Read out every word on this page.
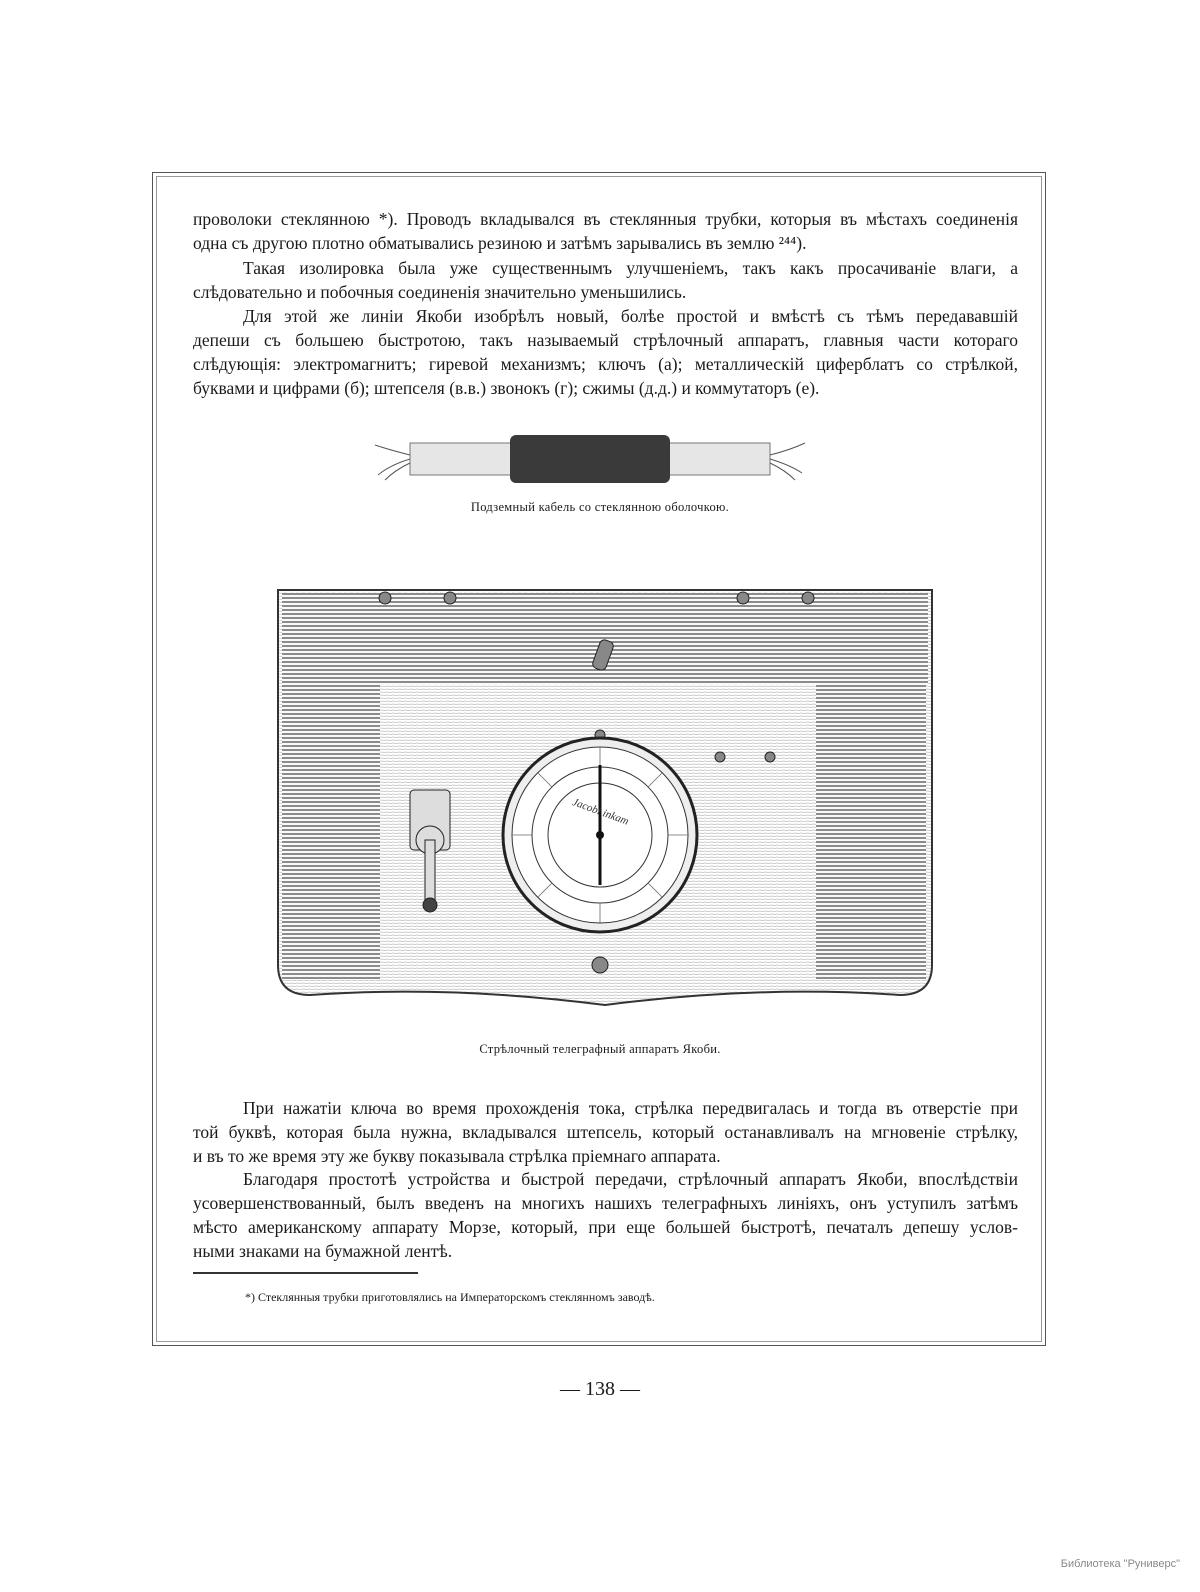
проволоки стеклянною *). Проводъ вкладывался въ стеклянныя трубки, которыя въ мѣстахъ соединенія
одна съ другою плотно обматывались резиною и затѣмъ зарывались въ землю ²⁴⁴).
Такая изолировка была уже существеннымъ улучшеніемъ, такъ какъ просачиваніе влаги, а
слѣдовательно и побочныя соединенія значительно уменьшились.
Для этой же линіи Якоби изобрѣлъ новый, болѣе простой и вмѣстѣ съ тѣмъ передававшій
депеши съ большею быстротою, такъ называемый стрѣлочный аппаратъ, главныя части котораго
слѣдующія: электромагнитъ; гиревой механизмъ; ключъ (а); металлическій циферблатъ со стрѣлкой,
буквами и цифрами (б); штепселя (в.в.) звонокъ (г); сжимы (д.д.) и коммутаторъ (е).
Подземный кабель со стеклянною оболочкою.
Jacobi inkam
Стрѣлочный телеграфный аппаратъ Якоби.
При нажатіи ключа во время прохожденія тока, стрѣлка передвигалась и тогда въ отверстіе при
той буквѣ, которая была нужна, вкладывался штепсель, который останавливалъ на мгновеніе стрѣлку,
и въ то же время эту же букву показывала стрѣлка пріемнаго аппарата.
Благодаря простотѣ устройства и быстрой передачи, стрѣлочный аппаратъ Якоби, впослѣдствіи
усовершенствованный, былъ введенъ на многихъ нашихъ телеграфныхъ линіяхъ, онъ уступилъ затѣмъ
мѣсто американскому аппарату Морзе, который, при еще большей быстротѣ, печаталъ депешу услов-
ными знаками на бумажной лентѣ.
*) Стеклянныя трубки приготовлялись на Императорскомъ стеклянномъ заводѣ.
— 138 —
Библиотека "Руниверс"
